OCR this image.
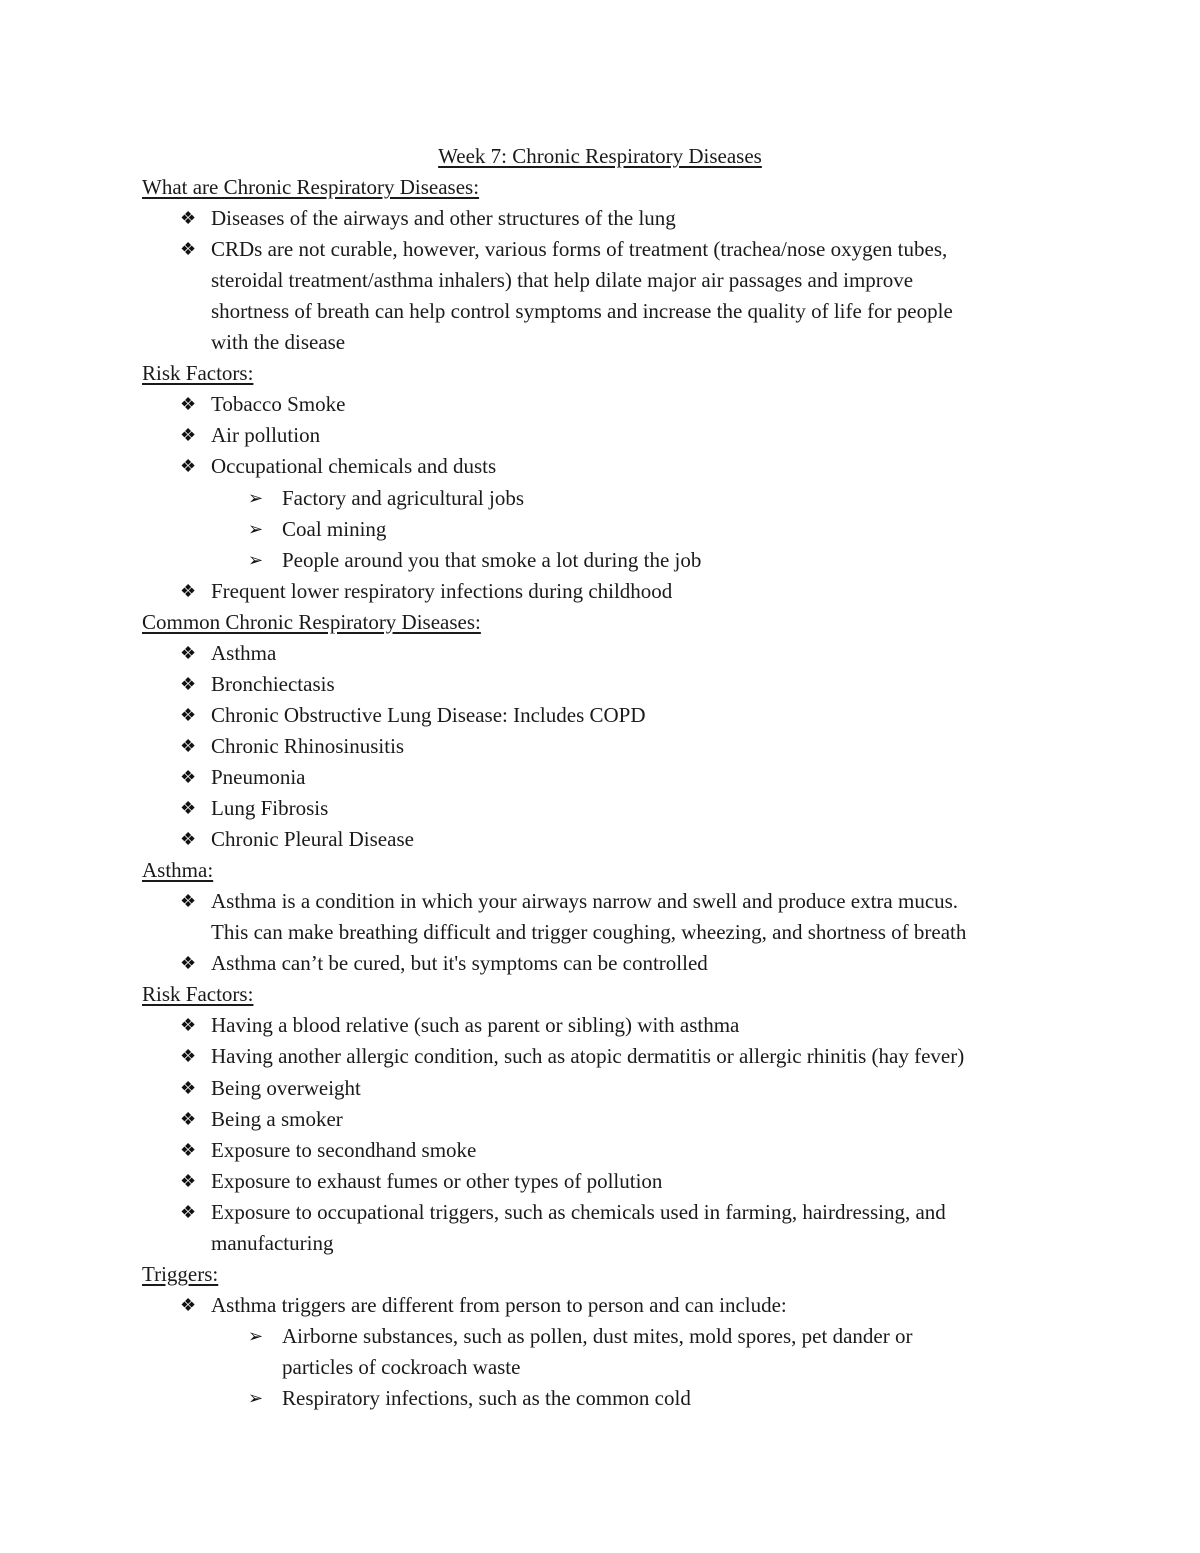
Week 7: Chronic Respiratory Diseases
What are Chronic Respiratory Diseases:
❖ Diseases of the airways and other structures of the lung
❖ CRDs are not curable, however, various forms of treatment (trachea/nose oxygen tubes,
steroidal treatment/asthma inhalers) that help dilate major air passages and improve
shortness of breath can help control symptoms and increase the quality of life for people
with the disease
Risk Factors:
❖ Tobacco Smoke
❖ Air pollution
❖ Occupational chemicals and dusts
➢ Factory and agricultural jobs
➢ Coal mining
➢ People around you that smoke a lot during the job
❖ Frequent lower respiratory infections during childhood
Common Chronic Respiratory Diseases:
❖ Asthma
❖ Bronchiectasis
❖ Chronic Obstructive Lung Disease: Includes COPD
❖ Chronic Rhinosinusitis
❖ Pneumonia
❖ Lung Fibrosis
❖ Chronic Pleural Disease
Asthma:
❖ Asthma is a condition in which your airways narrow and swell and produce extra mucus.
This can make breathing difficult and trigger coughing, wheezing, and shortness of breath
❖ Asthma can’t be cured, but it's symptoms can be controlled
Risk Factors:
❖ Having a blood relative (such as parent or sibling) with asthma
❖ Having another allergic condition, such as atopic dermatitis or allergic rhinitis (hay fever)
❖ Being overweight
❖ Being a smoker
❖ Exposure to secondhand smoke
❖ Exposure to exhaust fumes or other types of pollution
❖ Exposure to occupational triggers, such as chemicals used in farming, hairdressing, and
manufacturing
Triggers:
❖ Asthma triggers are different from person to person and can include:
➢ Airborne substances, such as pollen, dust mites, mold spores, pet dander or
particles of cockroach waste
➢ Respiratory infections, such as the common cold
